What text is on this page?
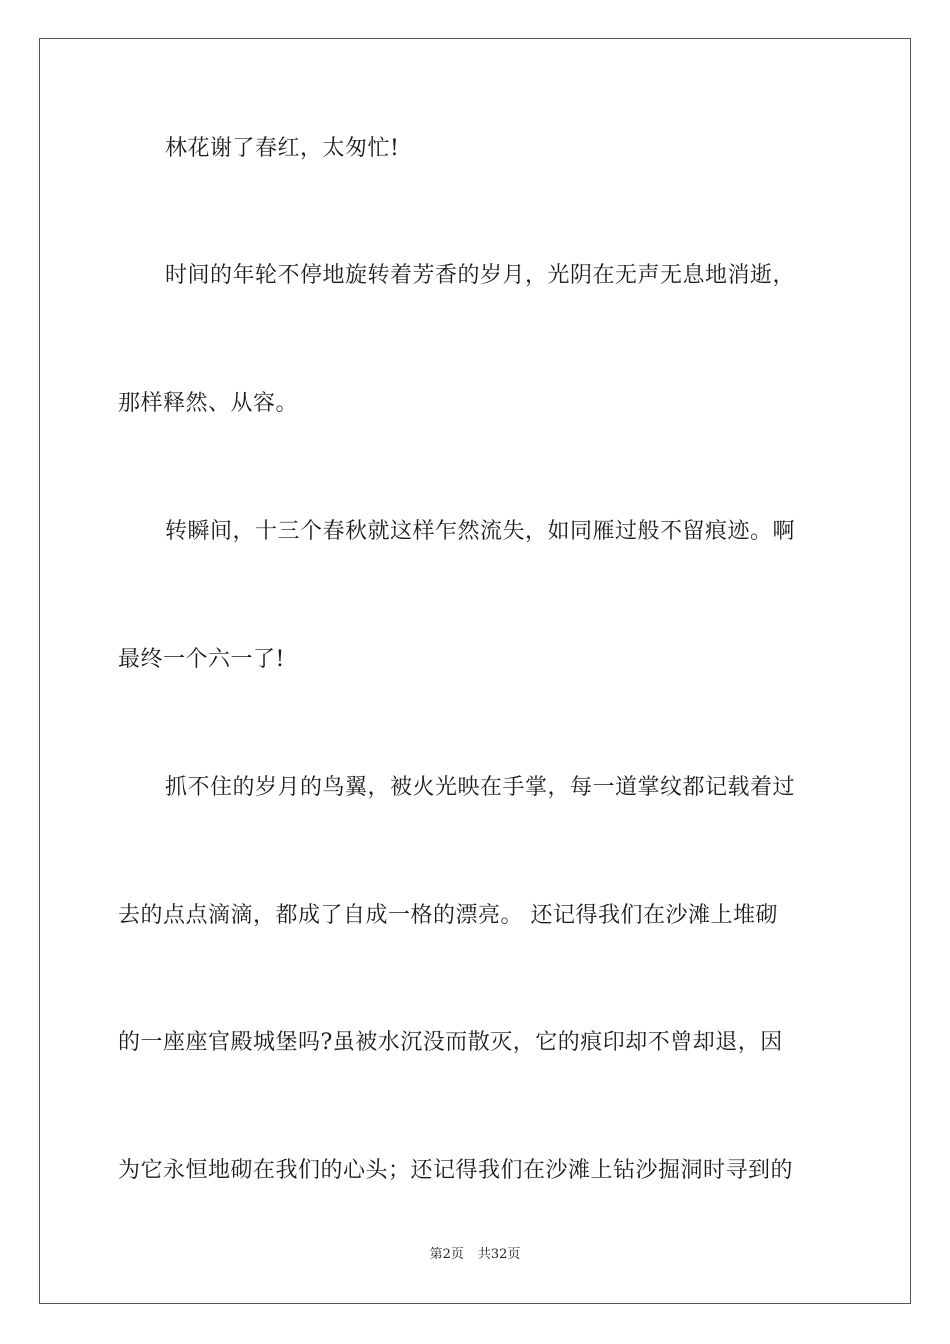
林花谢了春红，太匆忙!
时间的年轮不停地旋转着芳香的岁月，光阴在无声无息地消逝，
那样释然、从容。
转瞬间，十三个春秋就这样乍然流失，如同雁过般不留痕迹。啊
最终一个六一了!
抓不住的岁月的鸟翼，被火光映在手掌，每一道掌纹都记载着过
去的点点滴滴，都成了自成一格的漂亮。 还记得我们在沙滩上堆砌
的一座座官殿城堡吗?虽被水沉没而散灭，它的痕印却不曾却退，因
为它永恒地砌在我们的心头；还记得我们在沙滩上钻沙掘洞时寻到的
第2页 共32页
